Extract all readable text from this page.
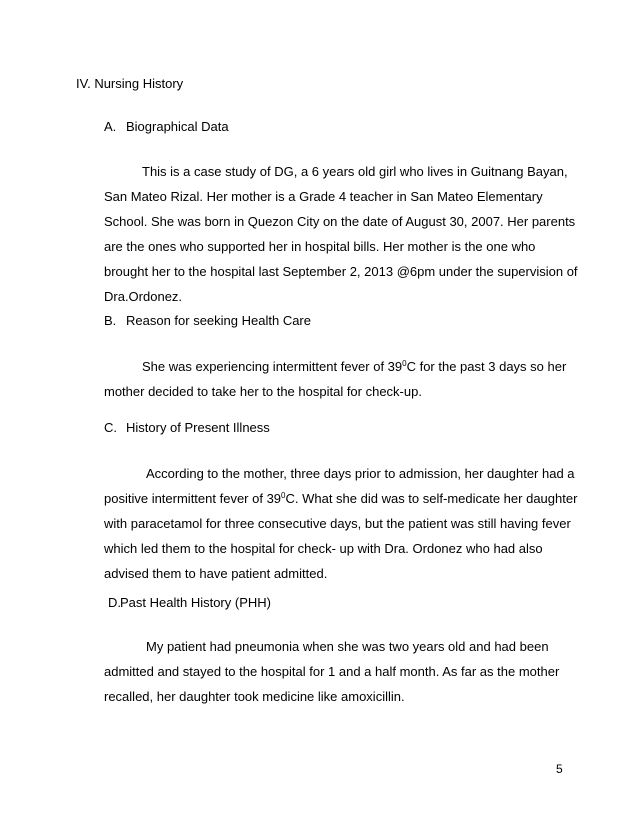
IV. Nursing History
A. Biographical Data
This is a case study of DG, a 6 years old girl who lives in Guitnang Bayan,
San Mateo Rizal. Her mother is a Grade 4 teacher in San Mateo Elementary
School. She was born in Quezon City on the date of August 30, 2007. Her parents
are the ones who supported her in hospital bills. Her mother is the one who
brought her to the hospital last September 2, 2013 @6pm under the supervision of
Dra.Ordonez.
B. Reason for seeking Health Care
She was experiencing intermittent fever of $39^0C$ for the past 3 days so her
mother decided to take her to the hospital for check-up.
C. History of Present Illness
According to the mother, three days prior to admission, her daughter had a
positive intermittent fever of $39^0C$. What she did was to self-medicate her daughter
with paracetamol for three consecutive days, but the patient was still having fever
which led them to the hospital for check- up with Dra. Ordonez who had also
advised them to have patient admitted.
D.Past Health History (PHH)
My patient had pneumonia when she was two years old and had been
admitted and stayed to the hospital for 1 and a half month. As far as the mother
recalled, her daughter took medicine like amoxicillin.
5
